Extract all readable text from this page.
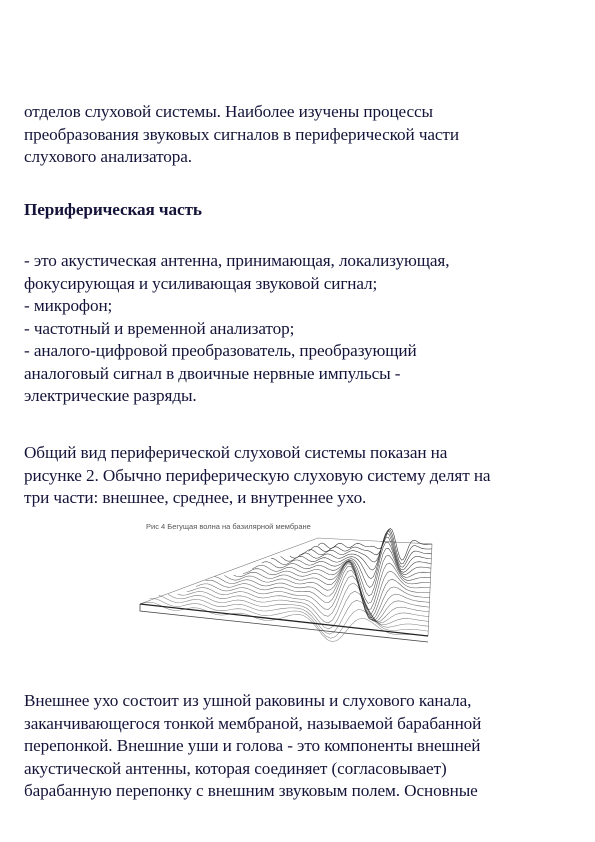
отделов слуховой системы. Наиболее изучены процессы
преобразования звуковых сигналов в периферической части
слухового анализатора.
Периферическая часть
- это акустическая антенна, принимающая, локализующая,
фокусирующая и усиливающая звуковой сигнал;
- микрофон;
- частотный и временной анализатор;
- аналого-цифровой преобразователь, преобразующий
аналоговый сигнал в двоичные нервные импульсы -
электрические разряды.
Общий вид периферической слуховой системы показан на
рисунке 2. Обычно периферическую слуховую систему делят на
три части: внешнее, среднее, и внутреннее ухо.
Рис 4 Бегущая волна на базилярной мембране
Внешнее ухо состоит из ушной раковины и слухового канала,
заканчивающегося тонкой мембраной, называемой барабанной
перепонкой. Внешние уши и голова - это компоненты внешней
акустической антенны, которая соединяет (согласовывает)
барабанную перепонку с внешним звуковым полем. Основные
